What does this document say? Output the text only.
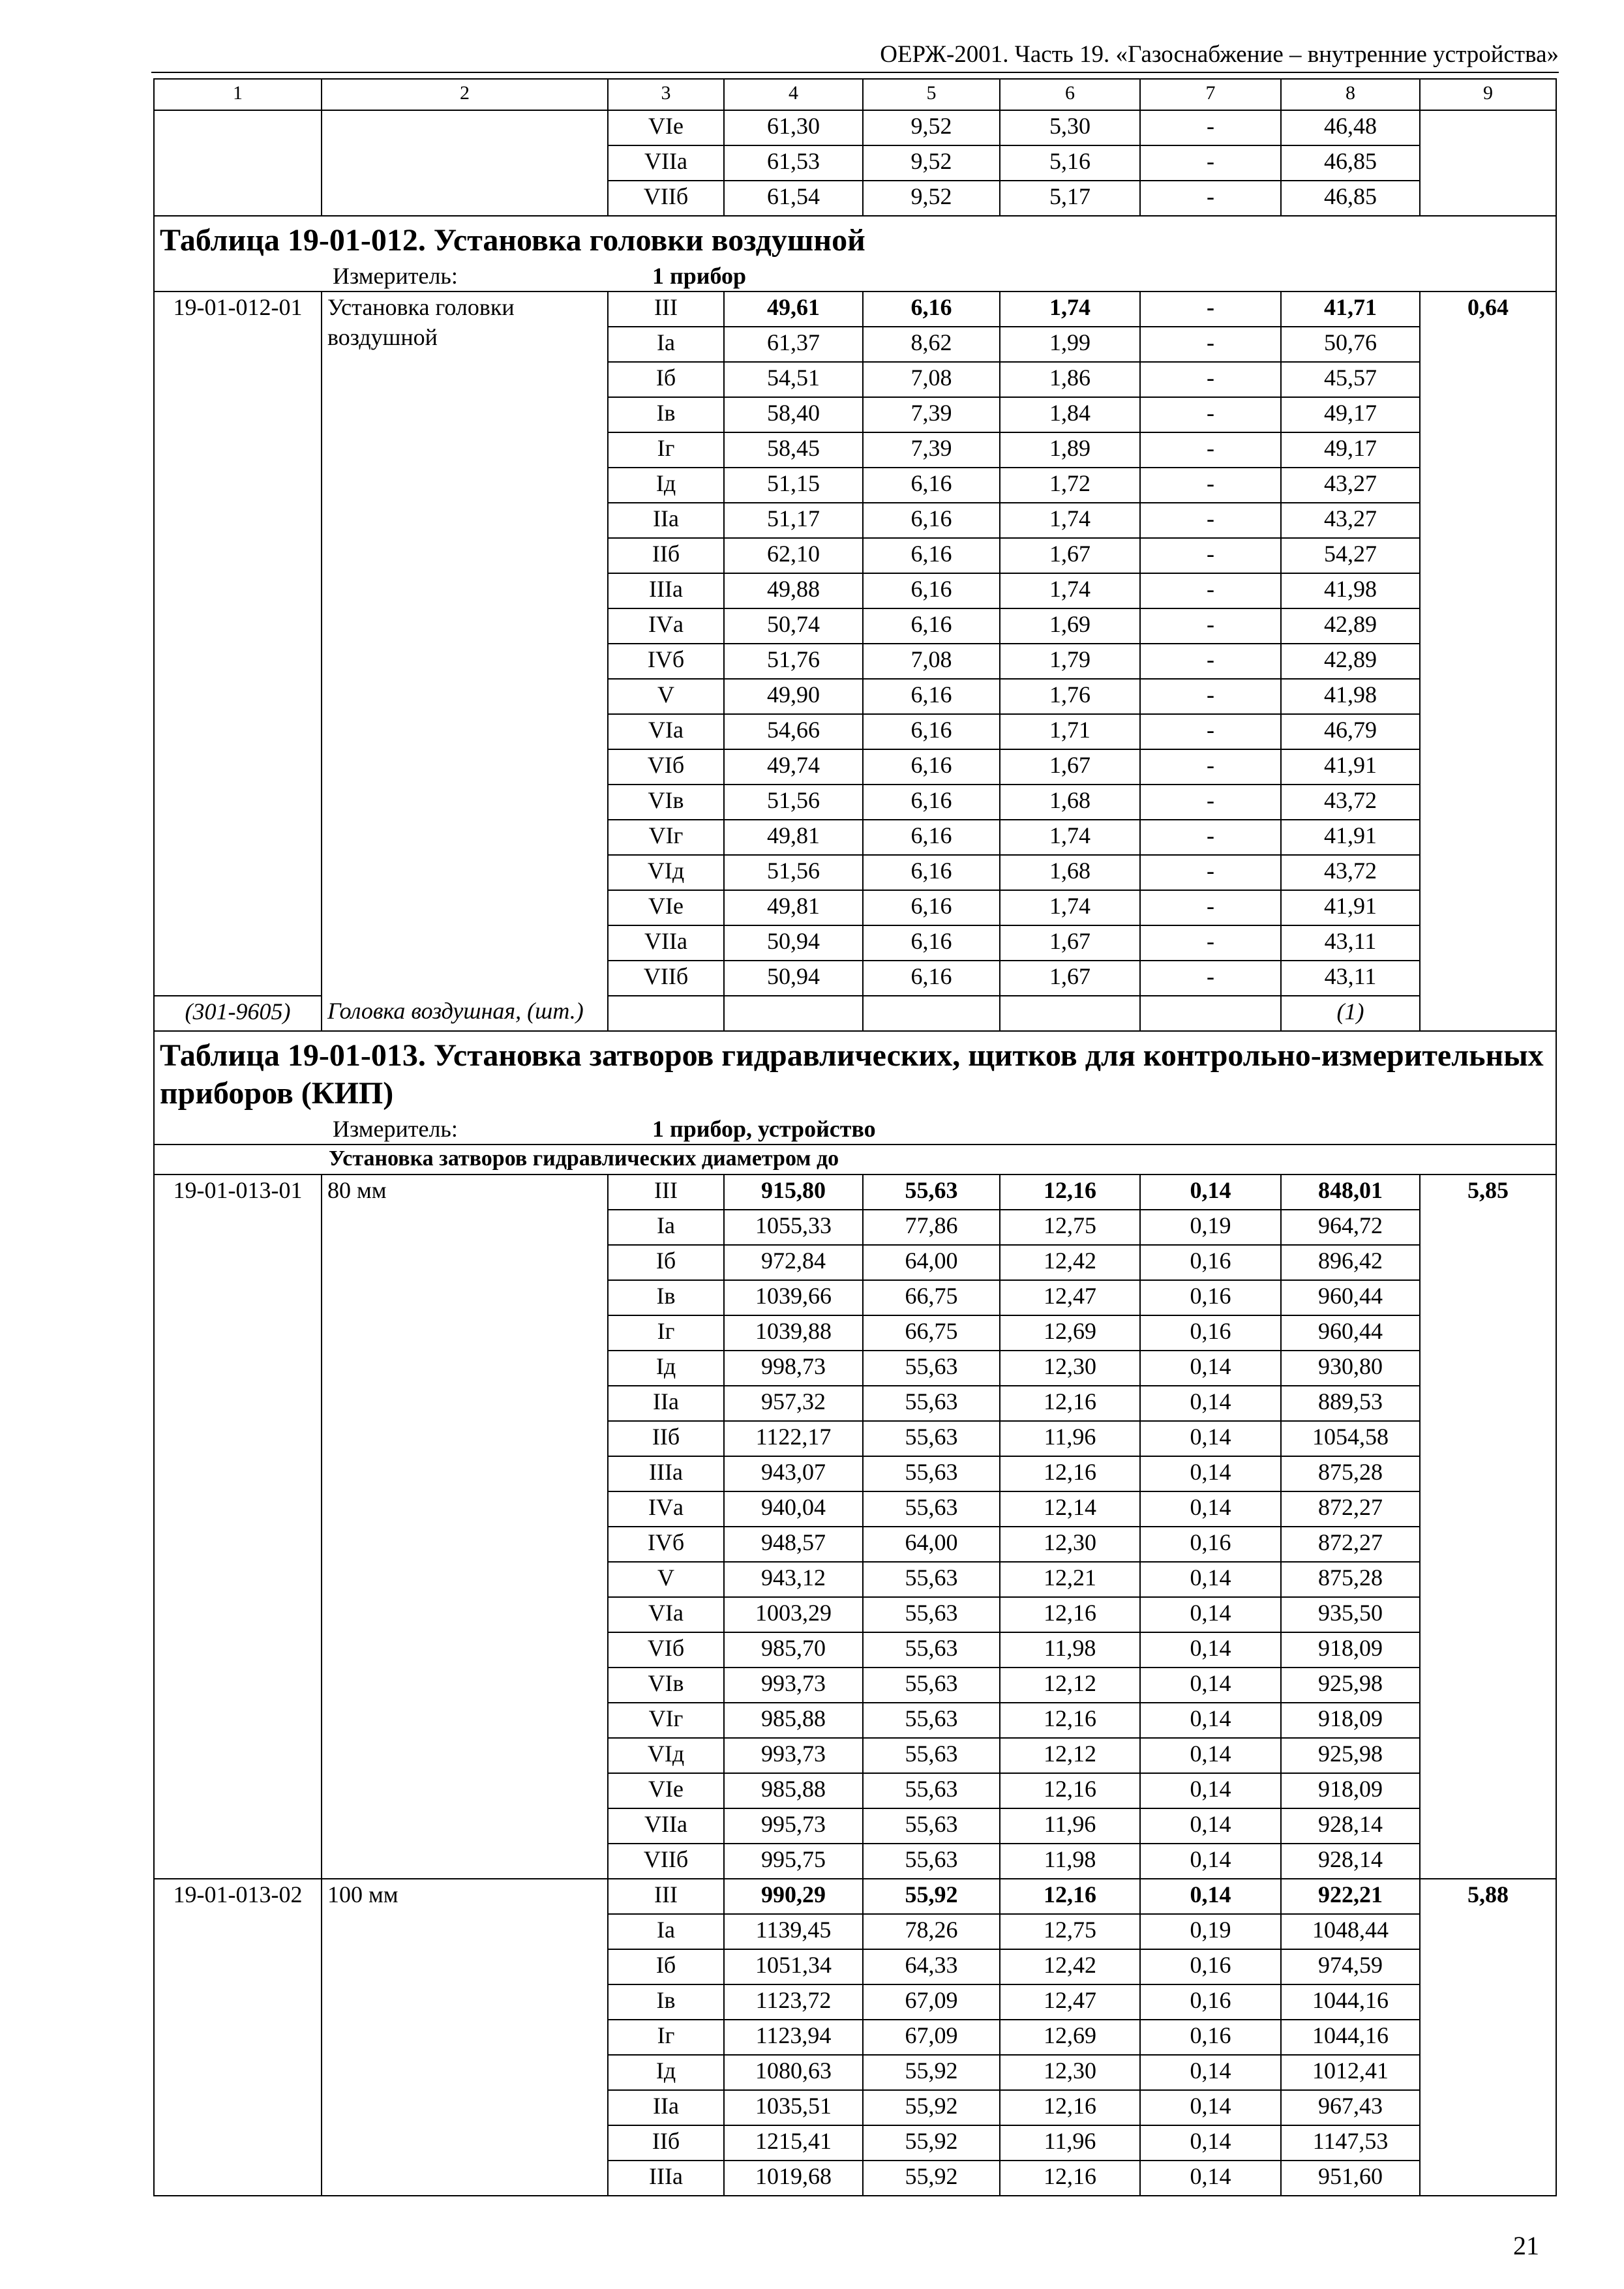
ОЕРЖ-2001. Часть 19. «Газоснабжение – внутренние устройства»
1	2	3	4	5	6	7	8	9
		VIе	61,30	9,52	5,30	-	46,48	
		VIIа	61,53	9,52	5,16	-	46,85	
		VIIб	61,54	9,52	5,17	-	46,85	
Таблица 19-01-012. Установка головки воздушной								
Измеритель: 1 прибор								
19-01-012-01	Установка головки воздушной	III	49,61	6,16	1,74	-	41,71	0,64
		Iа	61,37	8,62	1,99	-	50,76	
		Iб	54,51	7,08	1,86	-	45,57	
		Iв	58,40	7,39	1,84	-	49,17	
		Iг	58,45	7,39	1,89	-	49,17	
		Iд	51,15	6,16	1,72	-	43,27	
		IIа	51,17	6,16	1,74	-	43,27	
		IIб	62,10	6,16	1,67	-	54,27	
		IIIа	49,88	6,16	1,74	-	41,98	
		IVа	50,74	6,16	1,69	-	42,89	
		IVб	51,76	7,08	1,79	-	42,89	
		V	49,90	6,16	1,76	-	41,98	
		VIа	54,66	6,16	1,71	-	46,79	
		VIб	49,74	6,16	1,67	-	41,91	
		VIв	51,56	6,16	1,68	-	43,72	
		VIг	49,81	6,16	1,74	-	41,91	
		VIд	51,56	6,16	1,68	-	43,72	
		VIе	49,81	6,16	1,74	-	41,91	
		VIIа	50,94	6,16	1,67	-	43,11	
		VIIб	50,94	6,16	1,67	-	43,11	
(301-9605)	Головка воздушная, (шт.)						(1)	
Таблица 19-01-013. Установка затворов гидравлических, щитков для контрольно-измерительных приборов (КИП)								
Измеритель: 1 прибор, устройство								
Установка затворов гидравлических диаметром до								
19-01-013-01	80 мм	III	915,80	55,63	12,16	0,14	848,01	5,85
		Iа	1055,33	77,86	12,75	0,19	964,72	
		Iб	972,84	64,00	12,42	0,16	896,42	
		Iв	1039,66	66,75	12,47	0,16	960,44	
		Iг	1039,88	66,75	12,69	0,16	960,44	
		Iд	998,73	55,63	12,30	0,14	930,80	
		IIа	957,32	55,63	12,16	0,14	889,53	
		IIб	1122,17	55,63	11,96	0,14	1054,58	
		IIIа	943,07	55,63	12,16	0,14	875,28	
		IVа	940,04	55,63	12,14	0,14	872,27	
		IVб	948,57	64,00	12,30	0,16	872,27	
		V	943,12	55,63	12,21	0,14	875,28	
		VIа	1003,29	55,63	12,16	0,14	935,50	
		VIб	985,70	55,63	11,98	0,14	918,09	
		VIв	993,73	55,63	12,12	0,14	925,98	
		VIг	985,88	55,63	12,16	0,14	918,09	
		VIд	993,73	55,63	12,12	0,14	925,98	
		VIе	985,88	55,63	12,16	0,14	918,09	
		VIIа	995,73	55,63	11,96	0,14	928,14	
		VIIб	995,75	55,63	11,98	0,14	928,14	
19-01-013-02	100 мм	III	990,29	55,92	12,16	0,14	922,21	5,88
		Iа	1139,45	78,26	12,75	0,19	1048,44	
		Iб	1051,34	64,33	12,42	0,16	974,59	
		Iв	1123,72	67,09	12,47	0,16	1044,16	
		Iг	1123,94	67,09	12,69	0,16	1044,16	
		Iд	1080,63	55,92	12,30	0,14	1012,41	
		IIа	1035,51	55,92	12,16	0,14	967,43	
		IIб	1215,41	55,92	11,96	0,14	1147,53	
		IIIа	1019,68	55,92	12,16	0,14	951,60	
21
